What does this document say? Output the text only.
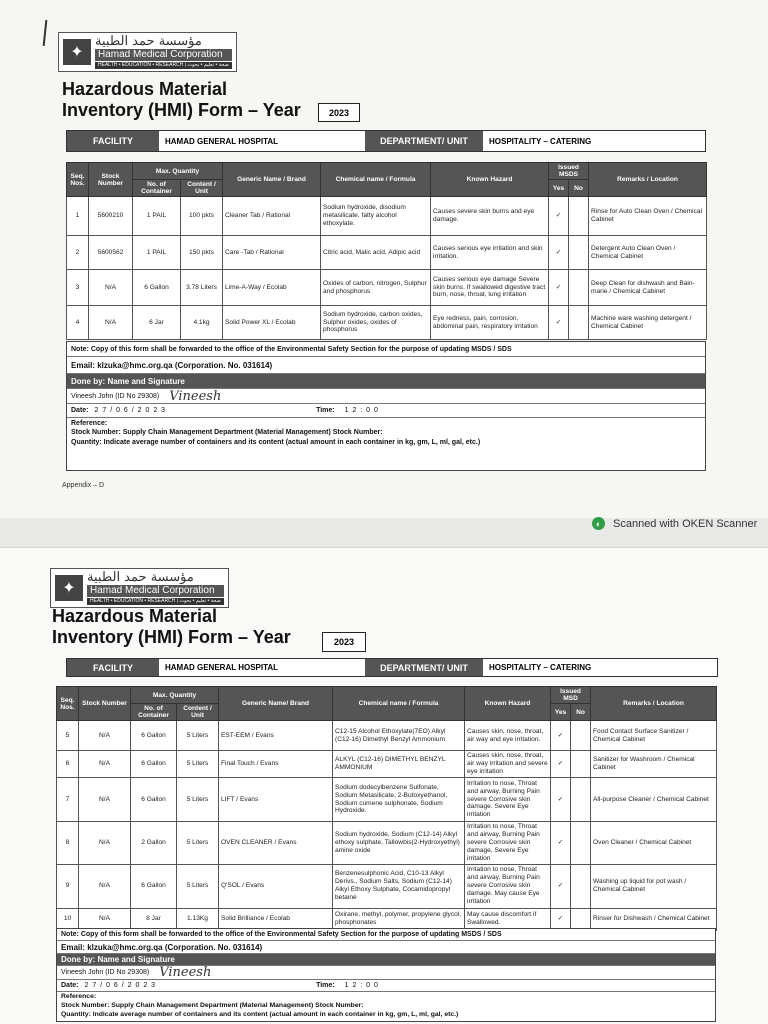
✦
مؤسسة حمد الطبية
Hamad Medical Corporation
HEALTH • EDUCATION • RESEARCH | صحة • تعليم • بحوث
Hazardous Material
Inventory (HMI) Form – Year	2023
FACILITY	HAMAD GENERAL HOSPITAL	DEPARTMENT/ UNIT	HOSPITALITY – CATERING
Seq. Nos.	Stock Number	Max. Quantity		Generic Name / Brand	Chemical name / Formula	Known Hazard	Issued MSDS		Remarks / Location
		No. of Container	Content / Unit				Yes	No	
1	5600210	1 PAIL	100 pkts	Cleaner Tab / Rational	Sodium hydroxide, disodium metasilicate, fatty alcohol ethoxylate.	Causes severe skin burns and eye damage.	✓		Rinse for Auto Clean Oven / Chemical Cabinet
2	5600562	1 PAIL	150 pkts	Care -Tab / Rational	Citric acid, Malic acid, Adipic acid	Causes serious eye irritation and skin irritation.	✓		Detergent Auto Clean Oven / Chemical Cabinet
3	N/A	6 Gallon	3.78 Liters	Lime-A-Way / Ecolab	Oxides of carbon, nitrogen, Sulphur and phosphorus	Causes serious eye damage Severe skin burns. If swallowed digestive tract burn, nose, throat, lung irritation	✓		Deep Clean for dishwash and Bain-marie / Chemical Cabinet
4	N/A	6 Jar	4.1kg	Solid Power XL / Ecolab	Sodium hydroxide, carbon oxides, Sulphur oxides, oxides of phosphorus	Eye redness, pain, corrosion, abdominal pain, respiratory irritation	✓		Machine ware washing detergent / Chemical Cabinet
Note: Copy of this form shall be forwarded to the office of the Environmental Safety Section for the purpose of updating MSDS / SDS
Email: klzuka@hmc.org.qa (Corporation. No. 031614)
Done by: Name and Signature
Vineesh John (ID No 29308) Vineesh
Date: 2 7 / 0 6 / 2 0 2 3	Time: 1 2 : 0 0
Reference:
Stock Number: Supply Chain Management Department (Material Management) Stock Number:
Quantity: Indicate average number of containers and its content (actual amount in each container in kg, gm, L, ml, gal, etc.)
Appendix – D
◐	Scanned with OKEN Scanner
✦
مؤسسة حمد الطبية
Hamad Medical Corporation
HEALTH • EDUCATION • RESEARCH | صحة • تعليم • بحوث
Hazardous Material
Inventory (HMI) Form – Year	2023
FACILITY	HAMAD GENERAL HOSPITAL	DEPARTMENT/ UNIT	HOSPITALITY – CATERING
Seq. Nos.	Stock Number	Max. Quantity		Generic Name/ Brand	Chemical name / Formula	Known Hazard	Issued MSD		Remarks / Location
		No. of Container	Content / Unit				Yes	No	
5	N/A	6 Gallon	5 Liters	EST-EEM / Evans	C12-15 Alcohol Ethoxylate(7EO) Alkyl (C12-16) Dimethyl Benzyl Ammonium	Causes skin, nose, throat, air way and eye irritation.	✓		Food Contact Surface Sanitizer / Chemical Cabinet
6	N/A	6 Gallon	5 Liters	Final Touch / Evans	ALKYL (C12-16) DIMETHYL BENZYL AMMONIUM	Causes skin, nose, throat, air way irritation and severe eye irritation	✓		Sanitizer for Washroom / Chemical Cabinet
7	N/A	6 Gallon	5 Liters	LIFT / Evans	Sodium dodecylbenzene Sulfonate, Sodium Metasilicate, 2-Butoxyethanol, Sodium cumene sulphonate, Sodium Hydroxide.	Irritation to nose, Throat and airway, Burning Pain severe Corrosive skin damage. Severe Eye irritation	✓		All-purpose Cleaner / Chemical Cabinet
8	N/A	2 Gallon	5 Liters	OVEN CLEANER / Evans	Sodium hydroxide, Sodium (C12-14) Alkyl ethoxy sulphate, Tallowbis(2-Hydroxyethyl) amine oxide	Irritation to nose, Throat and airway, Burning Pain severe Corrosive skin damage, Severe Eye irritation	✓		Oven Cleaner / Chemical Cabinet
9	N/A	6 Gallon	5 Liters	Q'SOL / Evans	Benzenesulphonic Acid, C10-13 Alkyl Derivs., Sodium Salts, Sodium (C12-14) Alkyl Ethoxy Sulphate, Cocamidopropyl betaine	Irritation to nose, Throat and airway, Burning Pain severe Corrosive skin damage. May cause Eye irritation	✓		Washing up liquid for pot wash / Chemical Cabinet
10	N/A	8 Jar	1.13Kg	Solid Brilliance / Ecolab	Oxirane, methyl, polymer, propylene glycol, phosphonates	May cause discomfort if Swallowed.	✓		Rinser for Dishwash / Chemical Cabinet
Note: Copy of this form shall be forwarded to the office of the Environmental Safety Section for the purpose of updating MSDS / SDS
Email: klzuka@hmc.org.qa (Corporation. No. 031614)
Done by: Name and Signature
Vineesh John (ID No 29308) Vineesh
Date: 2 7 / 0 6 / 2 0 2 3	Time: 1 2 : 0 0
Reference:
Stock Number: Supply Chain Management Department (Material Management) Stock Number:
Quantity: Indicate average number of containers and its content (actual amount in each container in kg, gm, L, ml, gal, etc.)
